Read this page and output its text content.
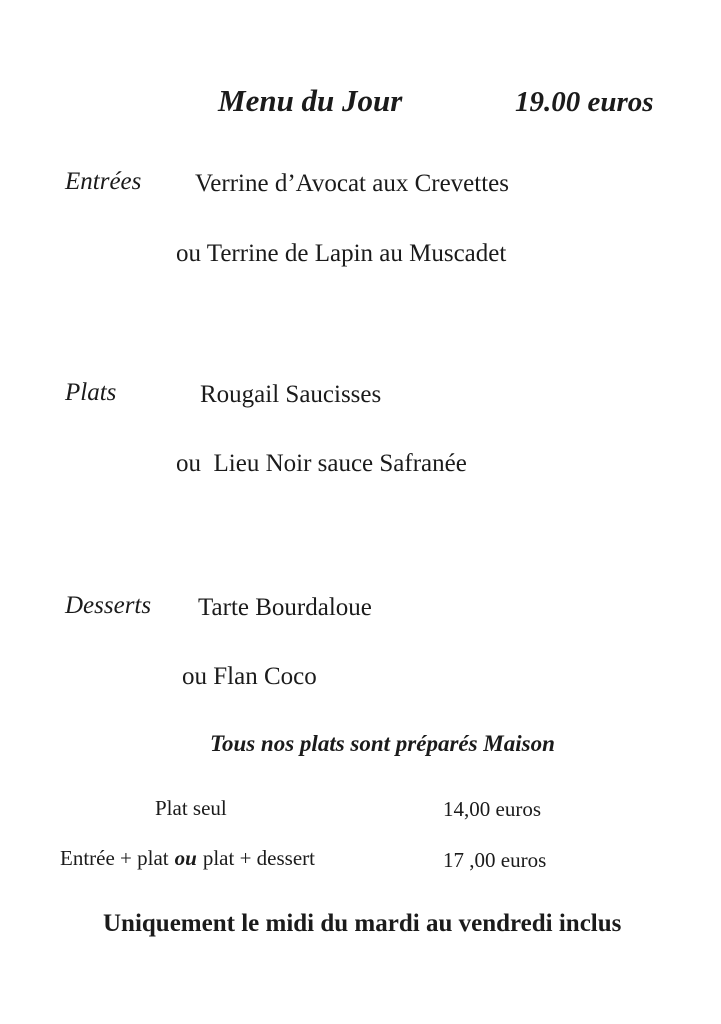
Menu du Jour	19.00 euros
Entrées Verrine d’Avocat aux Crevettes
ou Terrine de Lapin au Muscadet
Plats	Rougail Saucisses
ou  Lieu Noir sauce Safranée
Desserts Tarte Bourdaloue
ou Flan Coco
Tous nos plats sont préparés Maison
Plat seul	14,00 euros
Entrée + plat ou plat + dessert	17 ,00 euros
Uniquement le midi du mardi au vendredi inclus
